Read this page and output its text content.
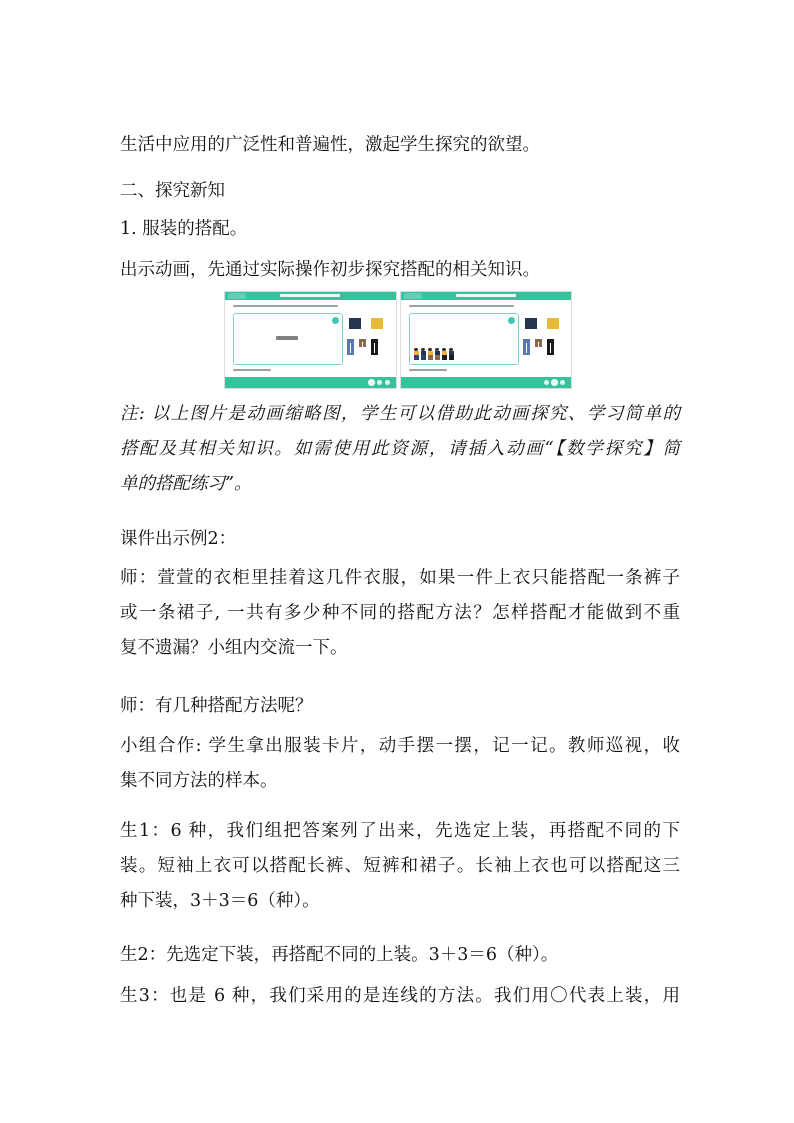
生活中应用的广泛性和普遍性，激起学生探究的欲望。

二、探究新知

1. 服装的搭配。

出示动画，先通过实际操作初步探究搭配的相关知识。

注: 以上图片是动画缩略图，学生可以借助此动画探究、学习简单的
搭配及其相关知识。如需使用此资源，请插入动画“【数学探究】简
单的搭配练习”。

课件出示例2：

师：萱萱的衣柜里挂着这几件衣服，如果一件上衣只能搭配一条裤子
或一条裙子, 一共有多少种不同的搭配方法？怎样搭配才能做到不重
复不遗漏？小组内交流一下。

师：有几种搭配方法呢？

小组合作: 学生拿出服装卡片，动手摆一摆，记一记。教师巡视，收
集不同方法的样本。

生1：6 种，我们组把答案列了出来，先选定上装，再搭配不同的下
装。短袖上衣可以搭配长裤、短裤和裙子。长袖上衣也可以搭配这三
种下装，3＋3＝6（种）。

生2：先选定下装，再搭配不同的上装。3＋3＝6（种）。

生3：也是 6 种，我们采用的是连线的方法。我们用〇代表上装，用
